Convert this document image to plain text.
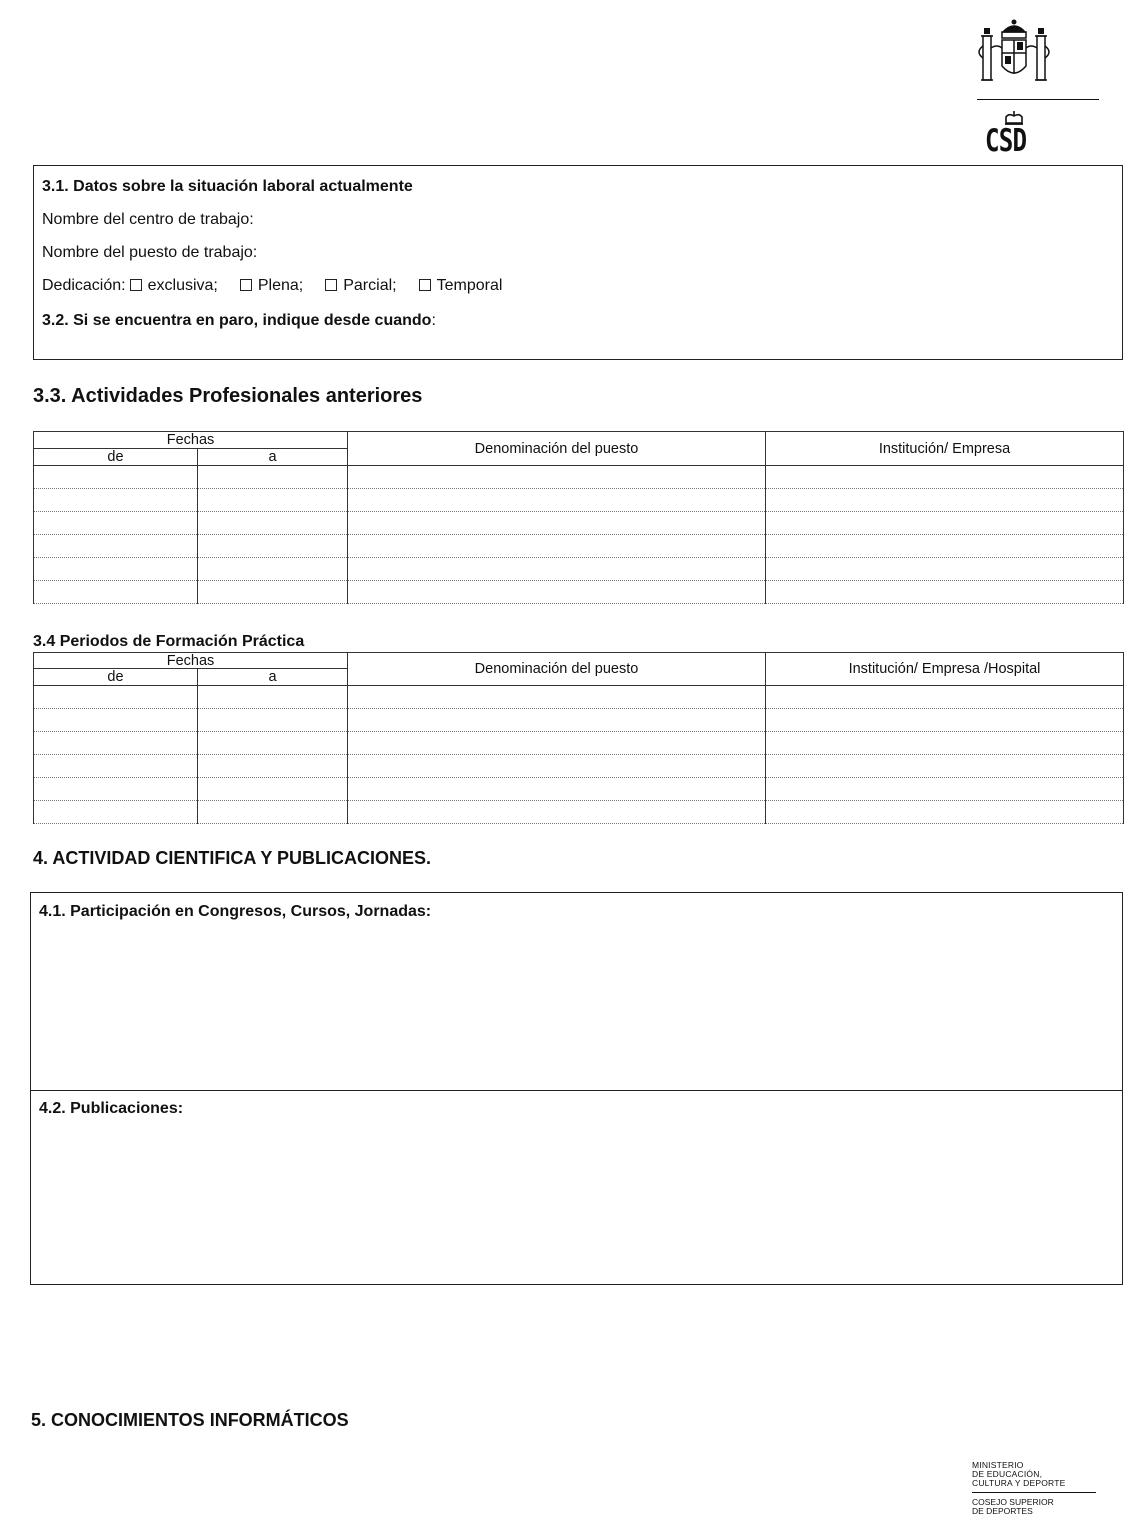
CSD
3.1. Datos sobre la situación laboral actualmente
Nombre del centro de trabajo:
Nombre del puesto de trabajo:
Dedicación: exclusiva;	Plena;	Parcial;	Temporal
3.2. Si se encuentra en paro, indique desde cuando:
3.3. Actividades Profesionales anteriores
Fechas		Denominación del puesto	Institución/ Empresa
de	a		

3.4 Periodos de Formación Práctica
Fechas		Denominación del puesto	Institución/ Empresa /Hospital
de	a		

4. ACTIVIDAD CIENTIFICA Y PUBLICACIONES.
4.1. Participación en Congresos, Cursos, Jornadas:
4.2. Publicaciones:
5. CONOCIMIENTOS INFORMÁTICOS
MINISTERIO
DE EDUCACIÓN,
CULTURA Y DEPORTE
COSEJO SUPERIOR
DE DEPORTES
